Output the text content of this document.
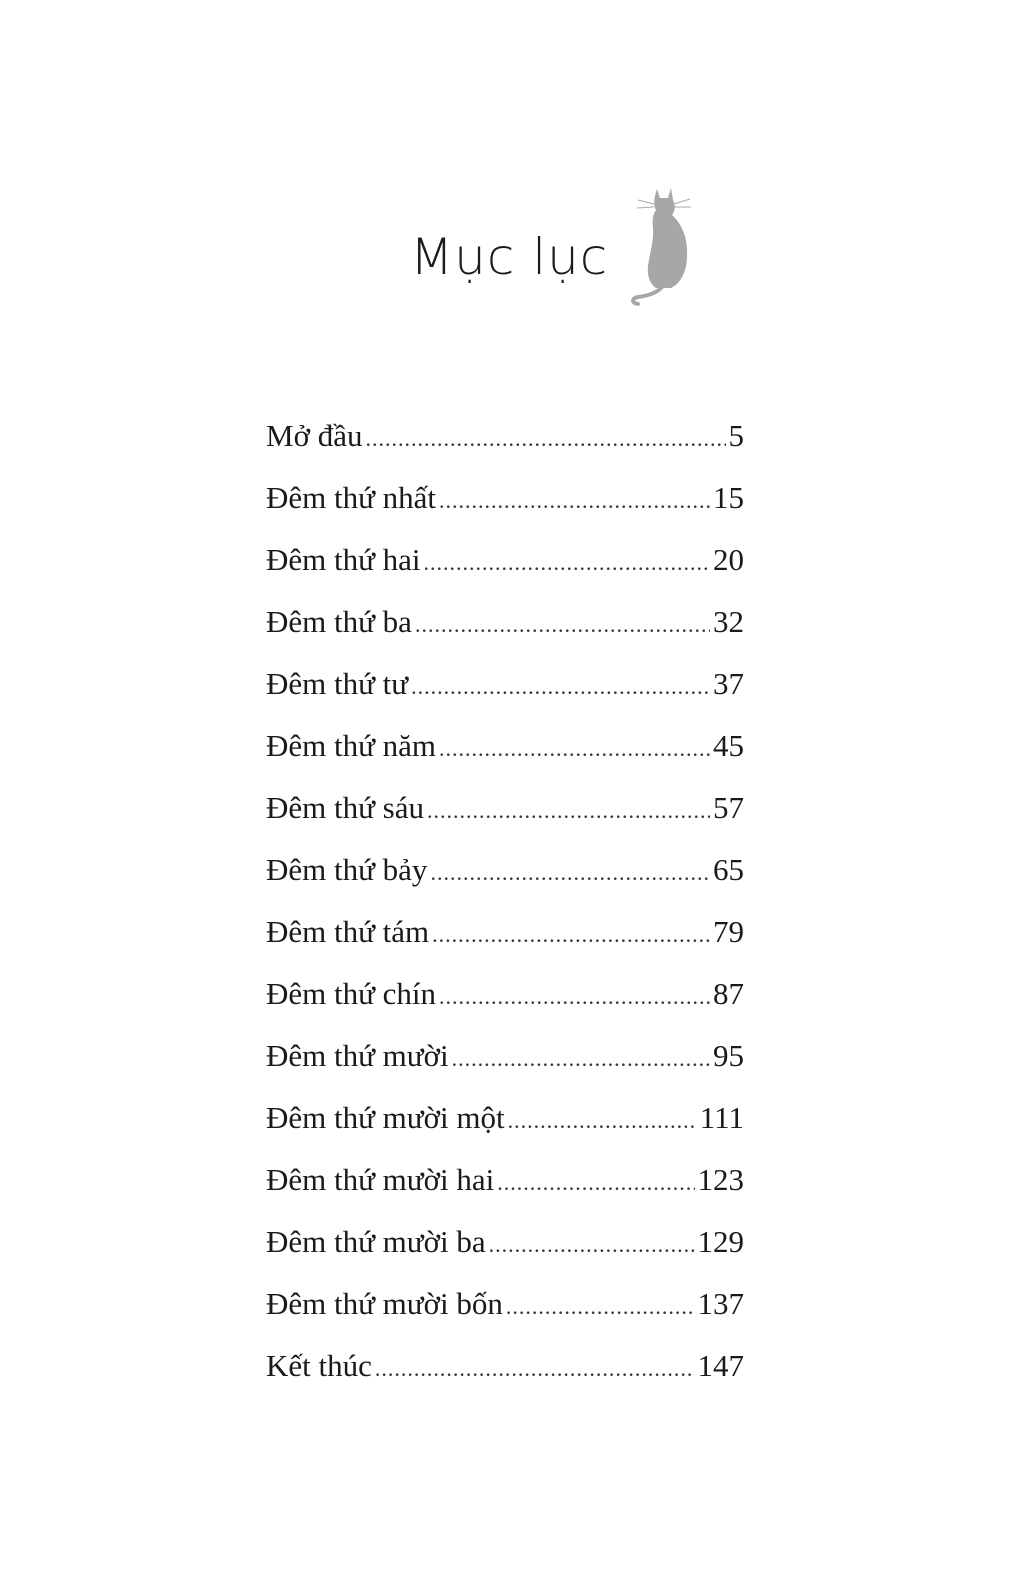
Mục lục
Mở đầu .....	5
Đêm thứ nhất .....	15
Đêm thứ hai .....	20
Đêm thứ ba .....	32
Đêm thứ tư .....	37
Đêm thứ năm .....	45
Đêm thứ sáu .....	57
Đêm thứ bảy .....	65
Đêm thứ tám .....	79
Đêm thứ chín .....	87
Đêm thứ mười .....	95
Đêm thứ mười một .....	111
Đêm thứ mười hai .....	123
Đêm thứ mười ba .....	129
Đêm thứ mười bốn .....	137
Kết thúc .....	147
